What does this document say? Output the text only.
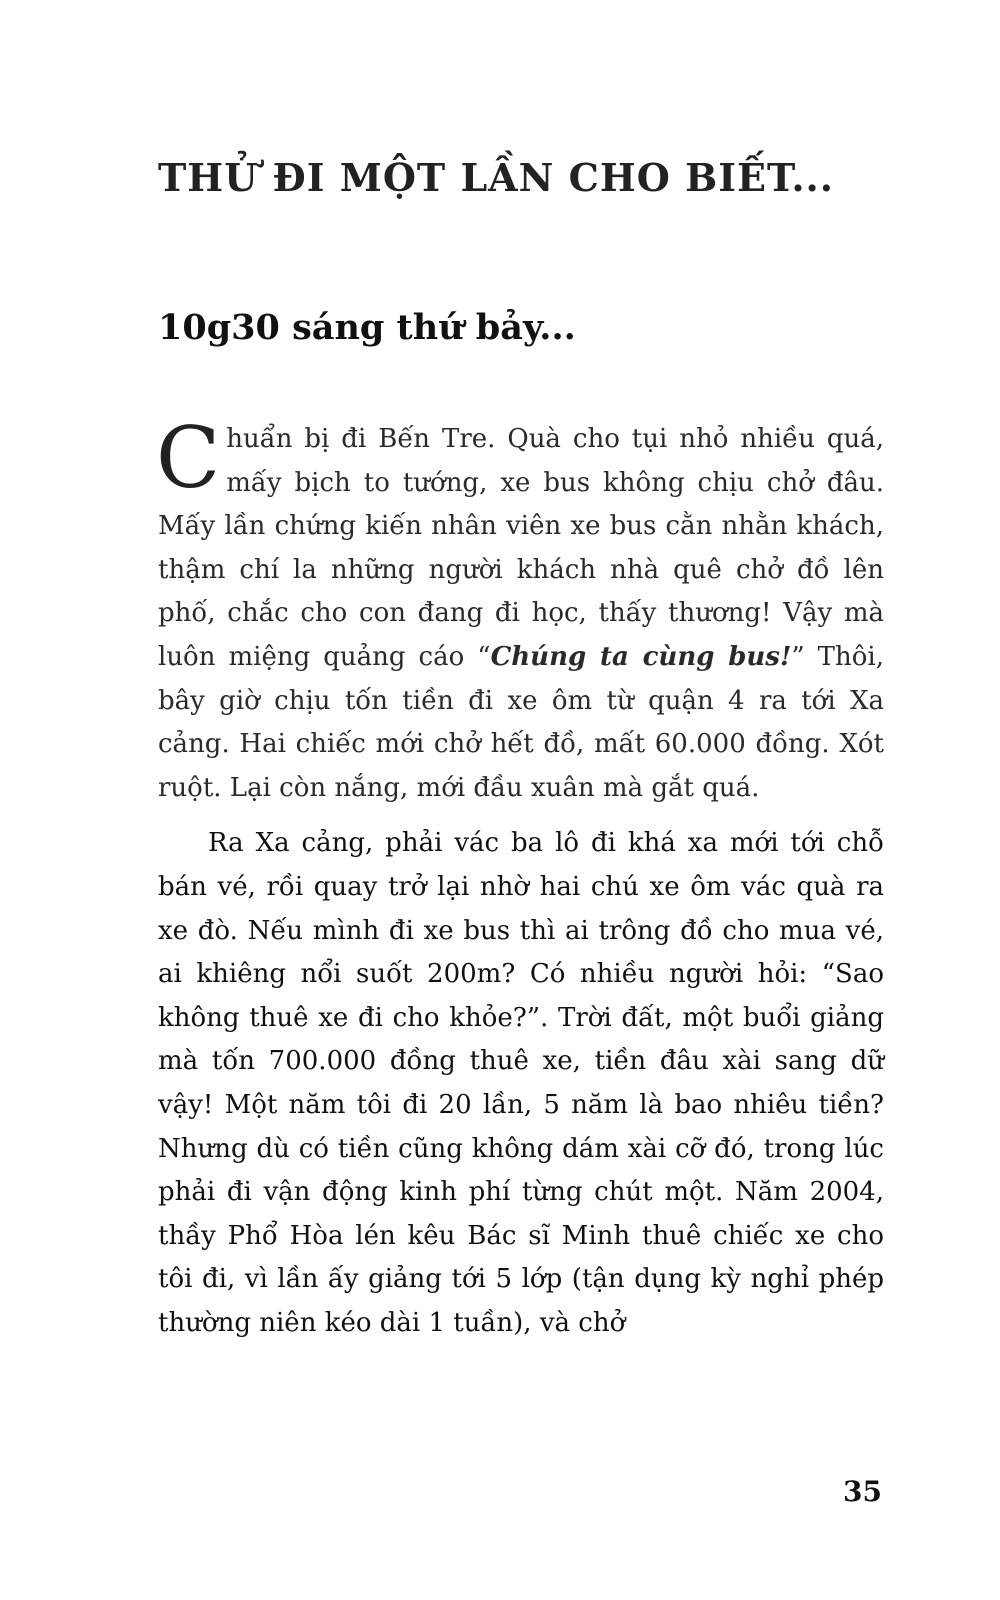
THỬ ĐI MỘT LẦN CHO BIẾT...
10g30 sáng thứ bảy...

Chuẩn bị đi Bến Tre. Quà cho tụi nhỏ nhiều quá, mấy bịch to tướng, xe bus không chịu chở đâu. Mấy lần chứng kiến nhân viên xe bus cằn nhằn khách, thậm chí la những người khách nhà quê chở đồ lên phố, chắc cho con đang đi học, thấy thương! Vậy mà luôn miệng quảng cáo “Chúng ta cùng bus!” Thôi, bây giờ chịu tốn tiền đi xe ôm từ quận 4 ra tới Xa cảng. Hai chiếc mới chở hết đồ, mất 60.000 đồng. Xót ruột. Lại còn nắng, mới đầu xuân mà gắt quá.

Ra Xa cảng, phải vác ba lô đi khá xa mới tới chỗ bán vé, rồi quay trở lại nhờ hai chú xe ôm vác quà ra xe đò. Nếu mình đi xe bus thì ai trông đồ cho mua vé, ai khiêng nổi suốt 200m? Có nhiều người hỏi: “Sao không thuê xe đi cho khỏe?”. Trời đất, một buổi giảng mà tốn 700.000 đồng thuê xe, tiền đâu xài sang dữ vậy! Một năm tôi đi 20 lần, 5 năm là bao nhiêu tiền? Nhưng dù có tiền cũng không dám xài cỡ đó, trong lúc phải đi vận động kinh phí từng chút một. Năm 2004, thầy Phổ Hòa lén kêu Bác sĩ Minh thuê chiếc xe cho tôi đi, vì lần ấy giảng tới 5 lớp (tận dụng kỳ nghỉ phép thường niên kéo dài 1 tuần), và chở

35
